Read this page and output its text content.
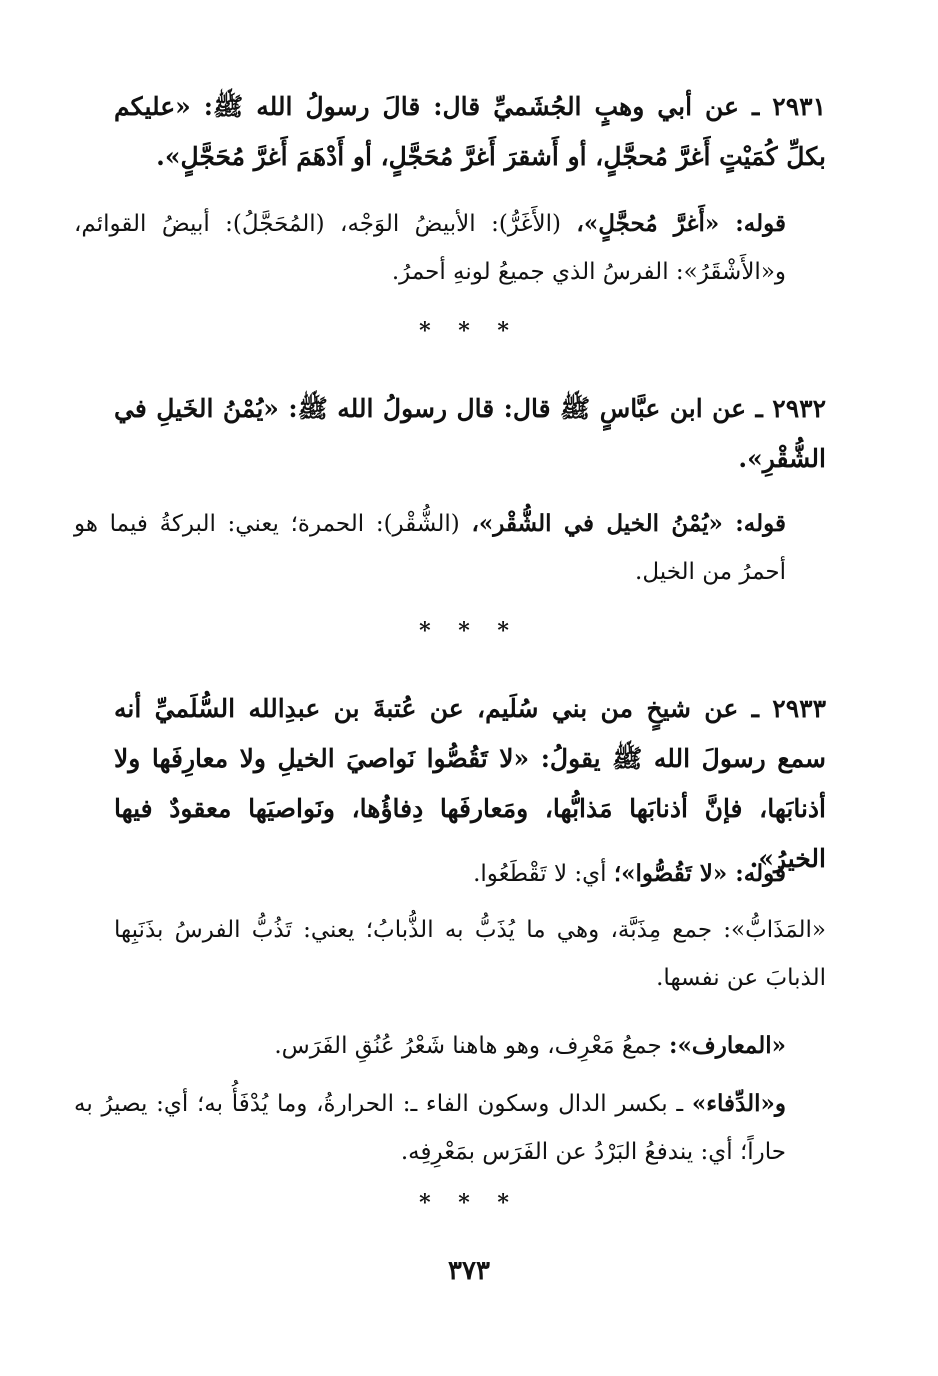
٢٩٣١ ـ عن أبي وهبٍ الجُشَميِّ قال: قالَ رسولُ الله ﷺ: «عليكم بكلِّ كُمَيْتٍ أَغرَّ مُحجَّلٍ، أو أَشقرَ أَغرَّ مُحَجَّلٍ، أو أَدْهَمَ أَغرَّ مُحَجَّلٍ».
قوله: «أَغرَّ مُحجَّلٍ»، (الأَغَرُّ): الأبيضُ الوَجْه، (المُحَجَّلُ): أبيضُ القوائم، و«الأَشْقَرُ»: الفرسُ الذي جميعُ لونهِ أحمرُ.
* * *
٢٩٣٢ ـ عن ابن عبَّاسٍ ﷺ قال: قال رسولُ الله ﷺ: «يُمْنُ الخَيلِ في الشُّقْرِ».
قوله: «يُمْنُ الخيل في الشُّقْر»، (الشُّقْر): الحمرة؛ يعني: البركةُ فيما هو أحمرُ من الخيل.
* * *
٢٩٣٣ ـ عن شيخٍ من بني سُلَيم، عن عُتبةَ بن عبدِالله السُّلَميِّ أنه سمع رسولَ الله ﷺ يقولُ: «لا تَقُصُّوا نَواصيَ الخيلِ ولا معارِفَها ولا أذنابَها، فإنَّ أذنابَها مَذابُّها، ومَعارفَها دِفاؤُها، ونَواصيَها معقودٌ فيها الخيرُ».
قوله: «لا تَقُصُّوا»؛ أي: لا تَقْطَعُوا.
«المَذَابُّ»: جمع مِذَبَّة، وهي ما يُذَبُّ به الذُّبابُ؛ يعني: تَذُبُّ الفرسُ بذَنَبِها الذبابَ عن نفسها.
«المعارف»: جمعُ مَعْرِف، وهو هاهنا شَعْرُ عُنُقِ الفَرَس.
و«الدِّفاء» ـ بكسر الدال وسكون الفاء ـ: الحرارةُ، وما يُدْفَأُ به؛ أي: يصيرُ به حاراً؛ أي: يندفعُ البَرْدُ عن الفَرَس بمَعْرِفِه.
* * *
٣٧٣
